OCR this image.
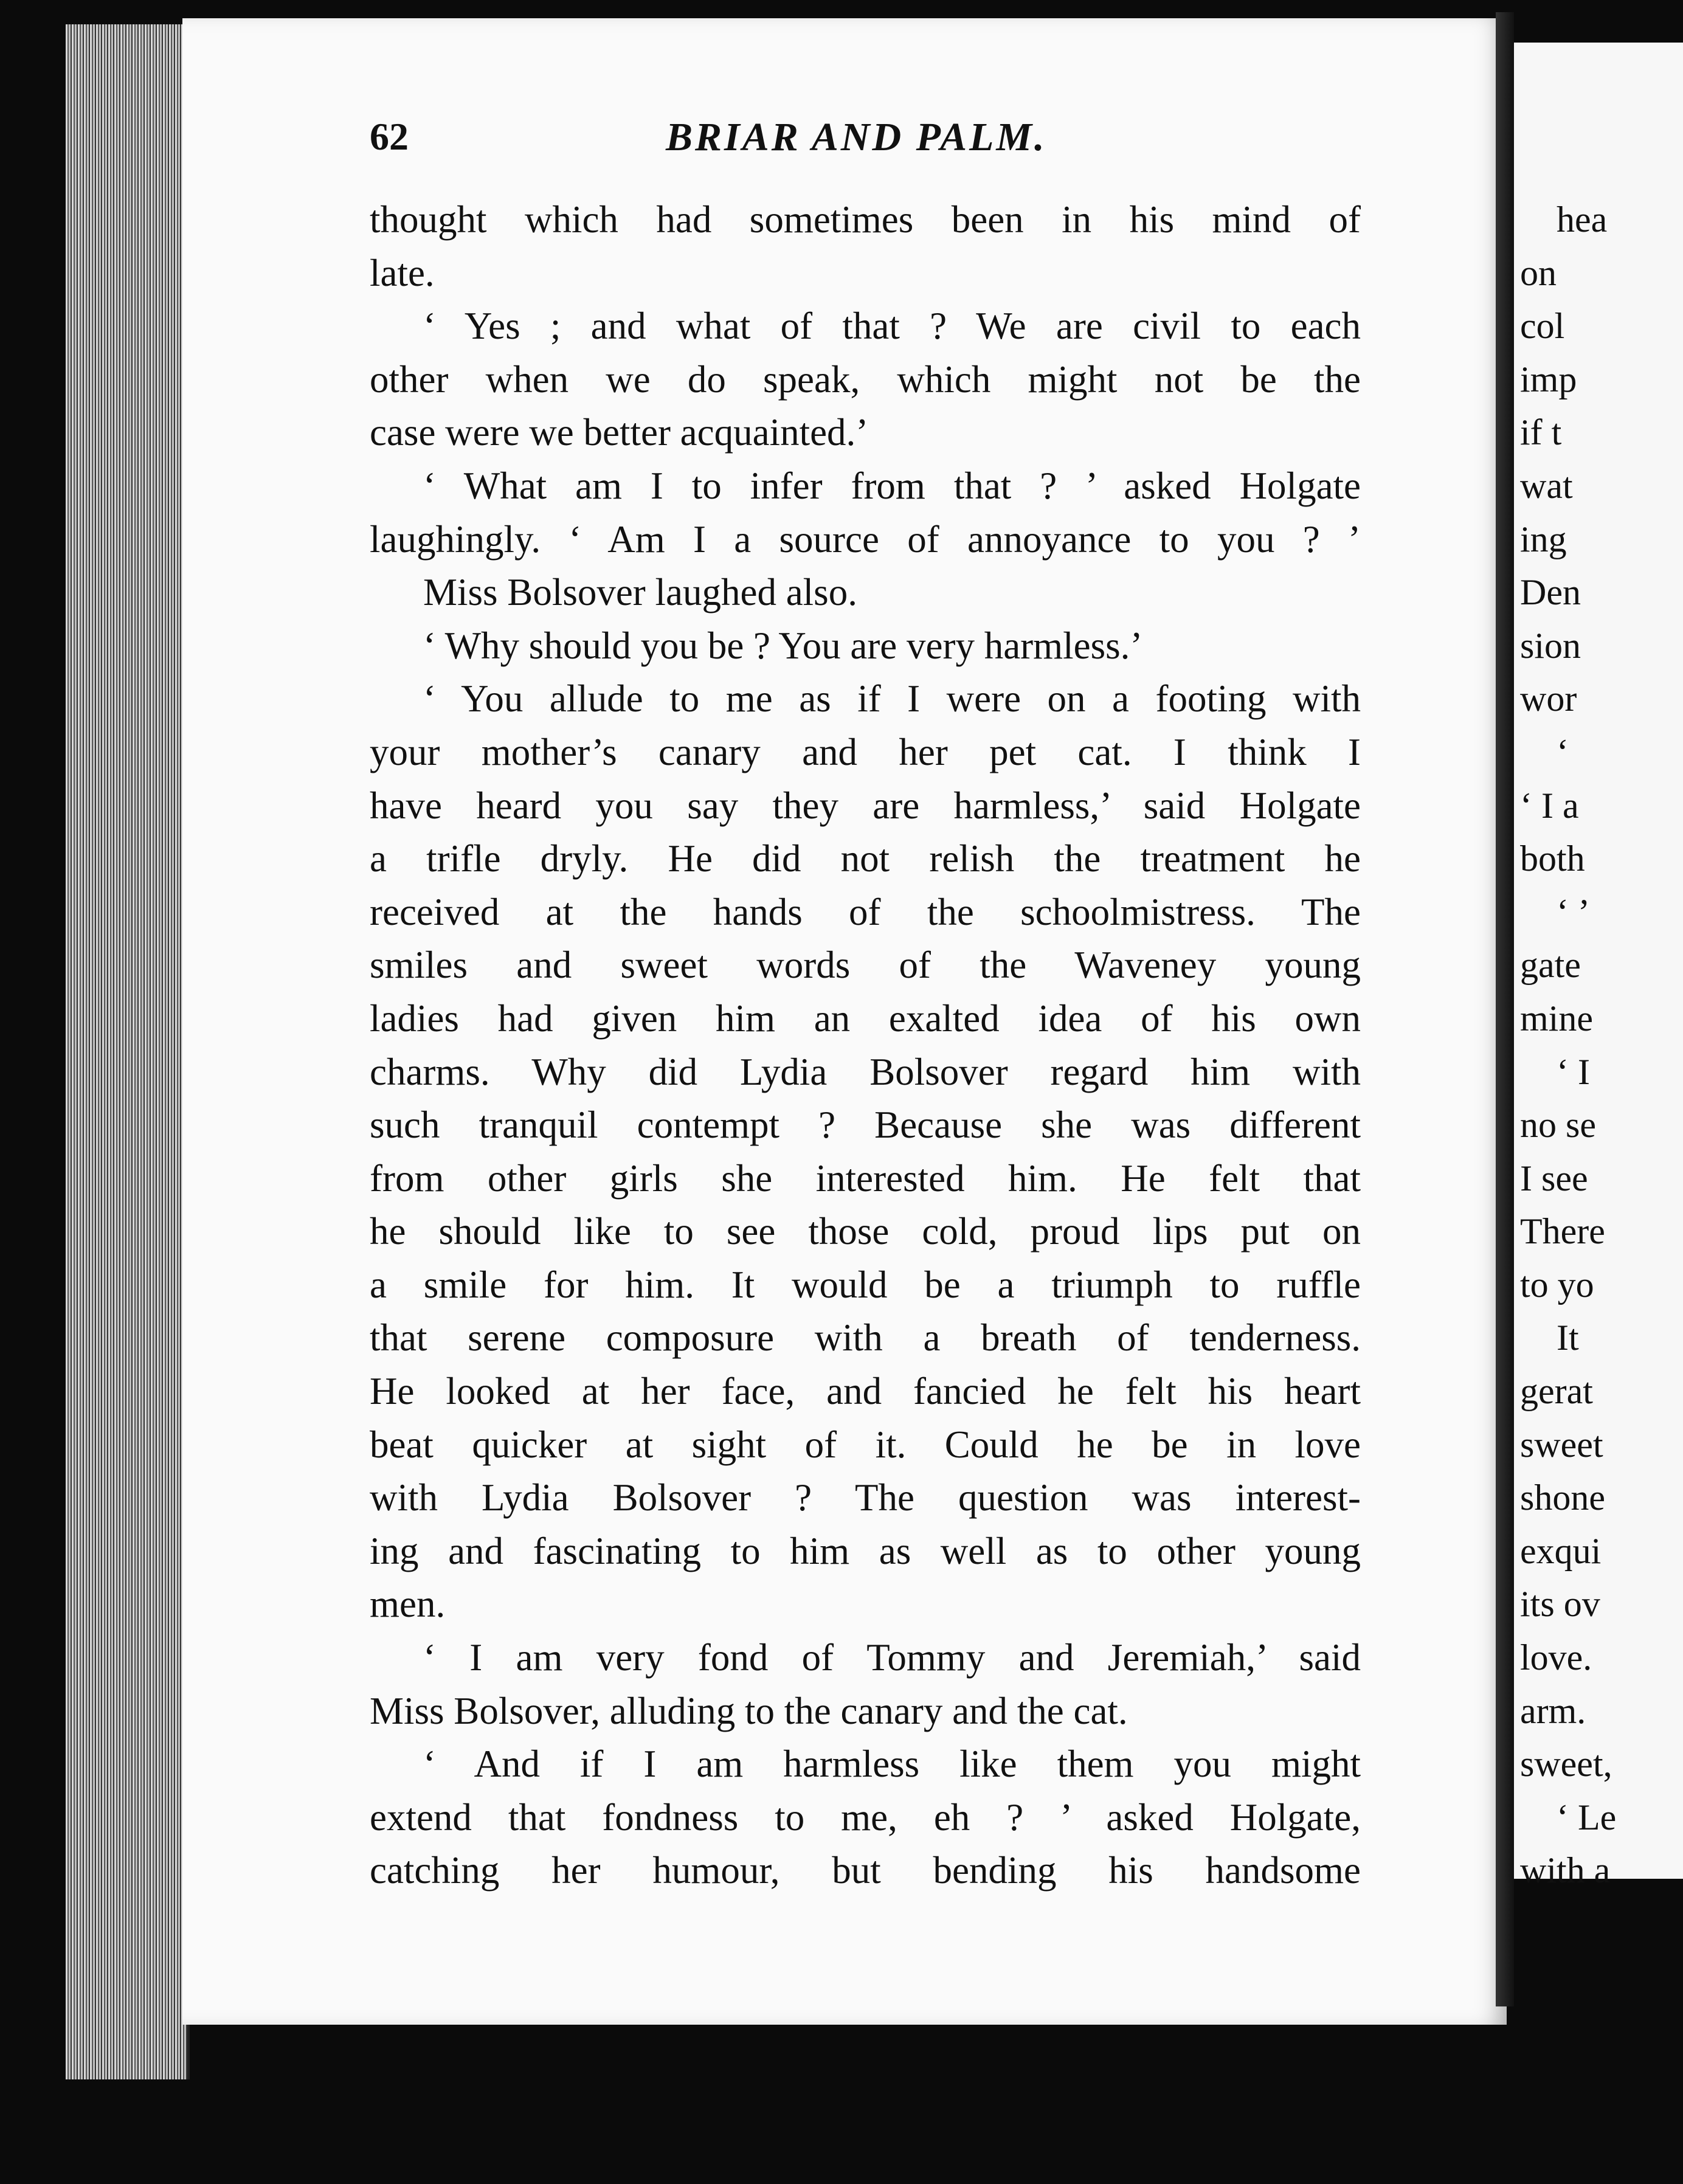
62	BRIAR AND PALM.
thought which had sometimes been in his mind of
late.
‘ Yes ; and what of that ? We are civil to each
other when we do speak, which might not be the
case were we better acquainted.’
‘ What am I to infer from that ? ’ asked Holgate
laughingly. ‘ Am I a source of annoyance to you ? ’
Miss Bolsover laughed also.
‘ Why should you be ? You are very harmless.’
‘ You allude to me as if I were on a footing with
your mother’s canary and her pet cat. I think I
have heard you say they are harmless,’ said Holgate
a trifle dryly. He did not relish the treatment he
received at the hands of the schoolmistress. The
smiles and sweet words of the Waveney young
ladies had given him an exalted idea of his own
charms. Why did Lydia Bolsover regard him with
such tranquil contempt ? Because she was different
from other girls she interested him. He felt that
he should like to see those cold, proud lips put on
a smile for him. It would be a triumph to ruffle
that serene composure with a breath of tenderness.
He looked at her face, and fancied he felt his heart
beat quicker at sight of it. Could he be in love
with Lydia Bolsover ? The question was interest-
ing and fascinating to him as well as to other young
men.
‘ I am very fond of Tommy and Jeremiah,’ said
Miss Bolsover, alluding to the canary and the cat.
‘ And if I am harmless like them you might
extend that fondness to me, eh ? ’ asked Holgate,
catching her humour, but bending his handsome
hea
on
col
imp
if t
wat
ing
Den
sion
wor
‘
‘ I a
both
‘ ’
gate
mine
‘ I
no se
I see
There
to yo
It
gerat
sweet
shone
exqui
its ov
love.
arm.
sweet,
‘ Le
with a
